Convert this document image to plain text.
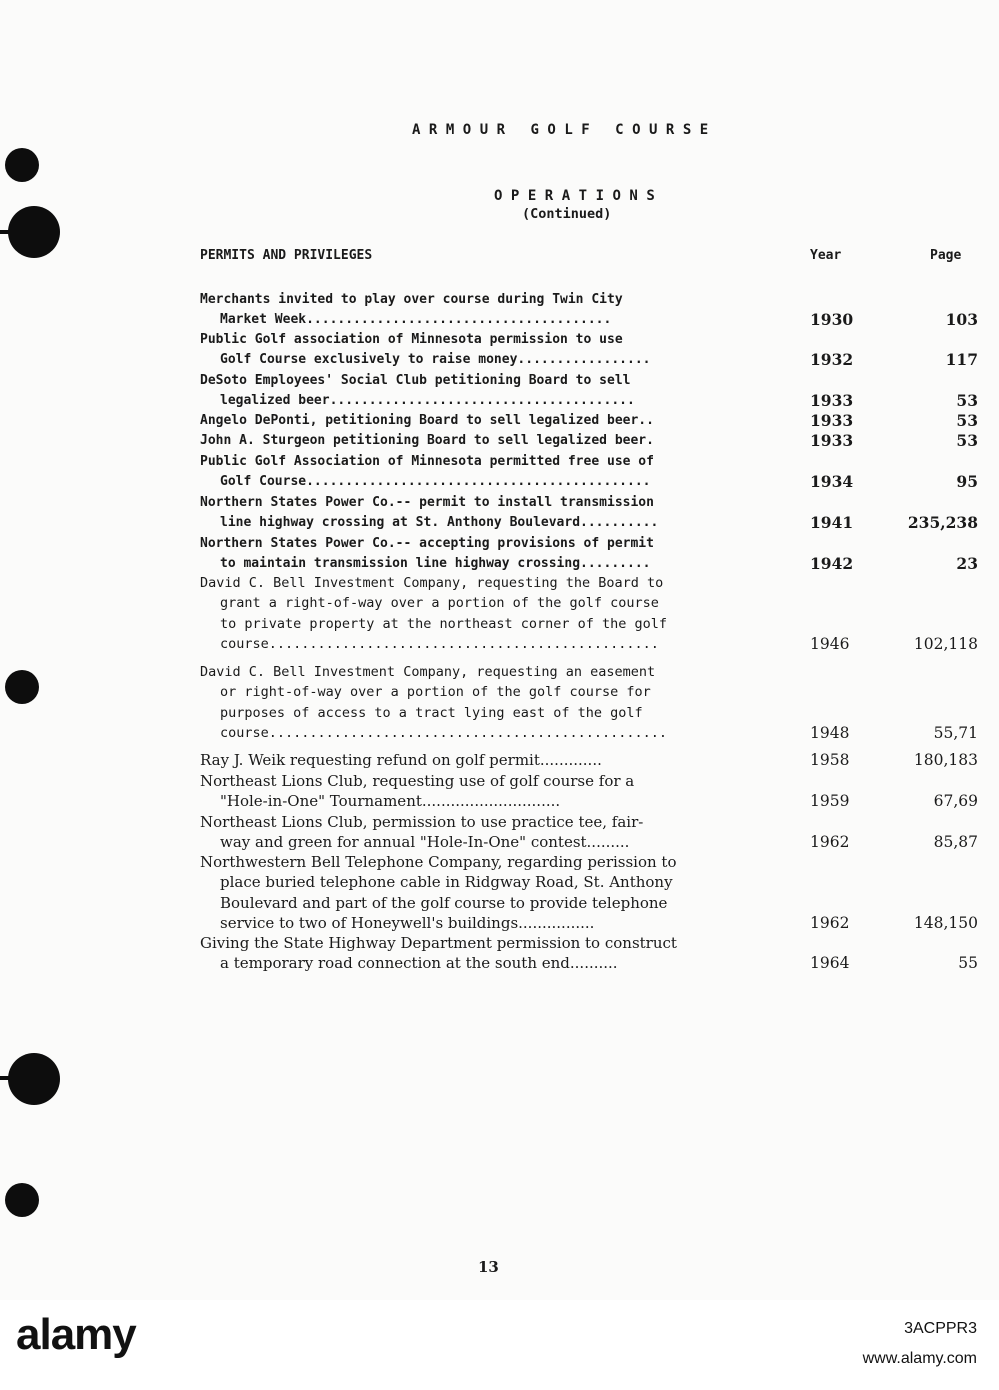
ARMOUR GOLF COURSE
OPERATIONS
(Continued)
PERMITS AND PRIVILEGES	Year	Page
Merchants invited to play over course during Twin City
Market Week.......................................	1930	103
Public Golf association of Minnesota permission to use
Golf Course exclusively to raise money.................	1932	117
DeSoto Employees' Social Club petitioning Board to sell
legalized beer.......................................	1933	53
Angelo DePonti, petitioning Board to sell legalized beer..	1933	53
John A. Sturgeon petitioning Board to sell legalized beer.	1933	53
Public Golf Association of Minnesota permitted free use of
Golf Course............................................	1934	95
Northern States Power Co.-- permit to install transmission
line highway crossing at St. Anthony Boulevard..........	1941	235,238
Northern States Power Co.-- accepting provisions of permit
to maintain transmission line highway crossing.........	1942	23
David C. Bell Investment Company, requesting the Board to
grant a right-of-way over a portion of the golf course
to private property at the northeast corner of the golf
course................................................	1946	102,118
David C. Bell Investment Company, requesting an easement
or right-of-way over a portion of the golf course for
purposes of access to a tract lying east of the golf
course.................................................	1948	55,71
Ray J. Weik requesting refund on golf permit.............	1958	180,183
Northeast Lions Club, requesting use of golf course for a
"Hole-in-One" Tournament.............................	1959	67,69
Northeast Lions Club, permission to use practice tee, fair-
way and green for annual "Hole-In-One" contest.........	1962	85,87
Northwestern Bell Telephone Company, regarding perission to
place buried telephone cable in Ridgway Road, St. Anthony
Boulevard and part of the golf course to provide telephone
service to two of Honeywell's buildings................	1962	148,150
Giving the State Highway Department permission to construct
a temporary road connection at the south end..........	1964	55
13
alamy	3ACPPR3
www.alamy.com
